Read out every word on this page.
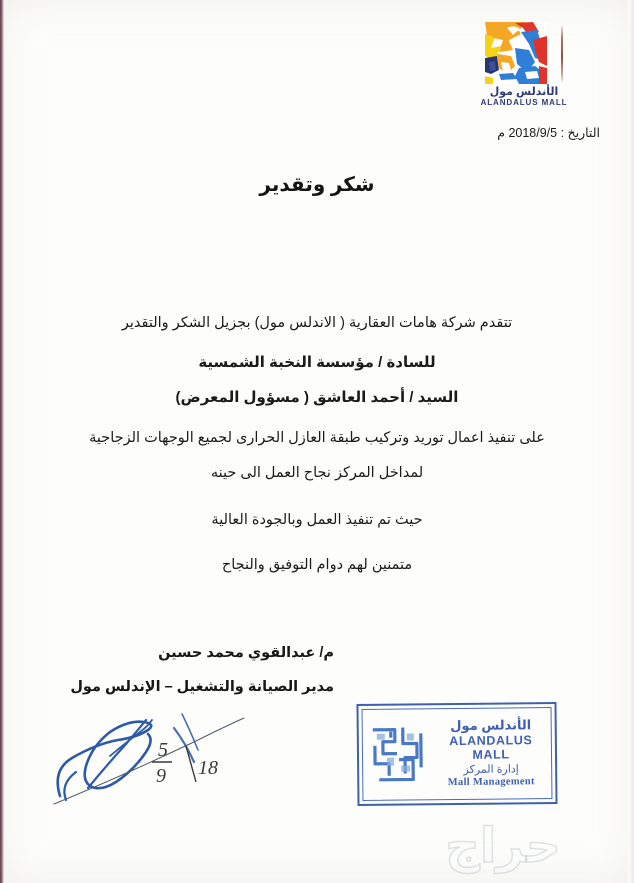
الأندلس مول
ALANDALUS MALL
التاريخ : 2018/9/5 م
شكر وتقدير

تتقدم شركة هامات العقارية ( الاندلس مول) بجزيل الشكر والتقدير

للسادة / مؤسسة النخبة الشمسية

السيد / أحمد العاشق ( مسؤول المعرض)

على تنفيذ اعمال توريد وتركيب طبقة العازل الحرارى لجميع الوجهات الزجاجية

لمداخل المركز نجاح العمل الى حينه

حيث تم تنفيذ العمل وبالجودة العالية

متمنين لهم دوام التوفيق والنجاح

م/ عبدالقوي محمد حسين
مدير الصيانة والتشغيل – الإندلس مول
5
9 18
الأندلس مول
ALANDALUS MALL
إدارة المركز
Mall Management
حراج
